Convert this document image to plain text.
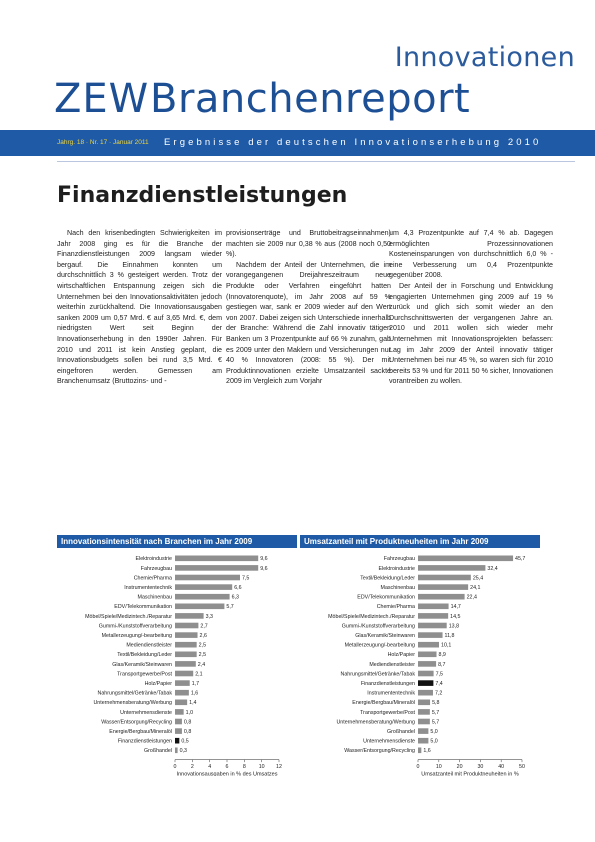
Innovationen
ZEW Branchenreport
Jahrg. 18 · Nr. 17 · Januar 2011 Ergebnisse der deutschen Innovationserhebung 2010
Finanzdienstleistungen

Nach den krisenbedingten Schwierigkeiten im Jahr 2008 ging es für die Branche der Finanzdienstleistungen 2009 langsam wieder bergauf. Die Einnahmen konnten um durchschnittlich 3 % gesteigert werden. Trotz der wirtschaftlichen Entspannung zeigen sich die Unternehmen bei den Innovationsaktivitäten jedoch weiterhin zurückhaltend. Die Innovationsausgaben sanken 2009 um 0,57 Mrd. € auf 3,65 Mrd. €, dem niedrigsten Wert seit Beginn der Innovationserhebung in den 1990er Jahren. Für 2010 und 2011 ist kein Anstieg geplant, die Innovationsbudgets sollen bei rund 3,5 Mrd. € eingefroren werden. Gemessen am Branchenumsatz (Bruttozins- und -

provisionserträge und Bruttobeitragseinnahmen) machten sie 2009 nur 0,38 % aus (2008 noch 0,50 %).

Nachdem der Anteil der Unternehmen, die im vorangegangenen Dreijahreszeitraum neue Produkte oder Verfahren eingeführt hatten (Innovatorenquote), im Jahr 2008 auf 59 % gestiegen war, sank er 2009 wieder auf den Wert von 2007. Dabei zeigen sich Unterschiede innerhalb der Branche: Während die Zahl innovativ tätigen Banken um 3 Prozentpunkte auf 66 % zunahm, gab es 2009 unter den Maklern und Versicherungen nur 40 % Innovatoren (2008: 55 %). Der mit Produktinnovationen erzielte Umsatzanteil sackte 2009 im Vergleich zum Vorjahr

um 4,3 Prozentpunkte auf 7,4 % ab. Dagegen ermöglichten Prozessinnovationen Kosteneinsparungen von durchschnittlich 6,0 % - eine Verbesserung um 0,4 Prozentpunkte gegenüber 2008.

Der Anteil der in Forschung und Entwicklung engagierten Unternehmen ging 2009 auf 19 % zurück und glich sich somit wieder an den Durchschnittswerten der vergangenen Jahre an. 2010 und 2011 wollen sich wieder mehr Unternehmen mit Innovationsprojekten befassen: Lag im Jahr 2009 der Anteil innovativ tätiger Unternehmen bei nur 45 %, so waren sich für 2010 bereits 53 % und für 2011 50 % sicher, Innovationen vorantreiben zu wollen.

Innovationsintensität nach Branchen im Jahr 2009
Elektroindustrie	9,6
Fahrzeugbau	9,6
Chemie/Pharma	7,5
Instrumententechnik	6,6
Maschinenbau	6,3
EDV/Telekommunikation	5,7
Möbel/Spiele/Medizintech./Reparatur	3,3
Gummi-/Kunststoffverarbeitung	2,7
Metallerzeugung/-bearbeitung	2,6
Mediendienstleister	2,5
Textil/Bekleidung/Leder	2,5
Glas/Keramik/Steinwaren	2,4
Transportgewerbe/Post	2,1
Holz/Papier	1,7
Nahrungsmittel/Getränke/Tabak	1,6
Unternehmensberatung/Werbung	1,4
Unternehmensdienste	1,0
Wasser/Entsorgung/Recycling 0,8
Energie/Bergbau/Mineralöl 0,8
Finanzdienstleistungen 0,5
Großhandel 0,3
0	2	4	6	8 10 12
Innovationsausgaben in % des Umsatzes
Umsatzanteil mit Produktneuheiten im Jahr 2009
Fahrzeugbau	45,7
Elektroindustrie	32,4
Textil/Bekleidung/Leder	25,4
Maschinenbau	24,1
EDV/Telekommunikation	22,4
Chemie/Pharma	14,7
Möbel/Spiele/Medizintech./Reparatur	14,5
Gummi-/Kunststoffverarbeitung	13,8
Glas/Keramik/Steinwaren	11,8
Metallerzeugung/-bearbeitung	10,1
Holz/Papier	8,9
Mediendienstleister	8,7
Nahrungsmittel/Getränke/Tabak	7,5
Finanzdienstleistungen	7,4
Instrumententechnik	7,2
Energie/Bergbau/Mineralöl	5,8
Transportgewerbe/Post	5,7
Unternehmensberatung/Werbung	5,7
Großhandel	5,0
Unternehmensdienste	5,0
Wasser/Entsorgung/Recycling 1,6
0	10	20	30	40	50
Umsatzanteil mit Produktneuheiten in %
